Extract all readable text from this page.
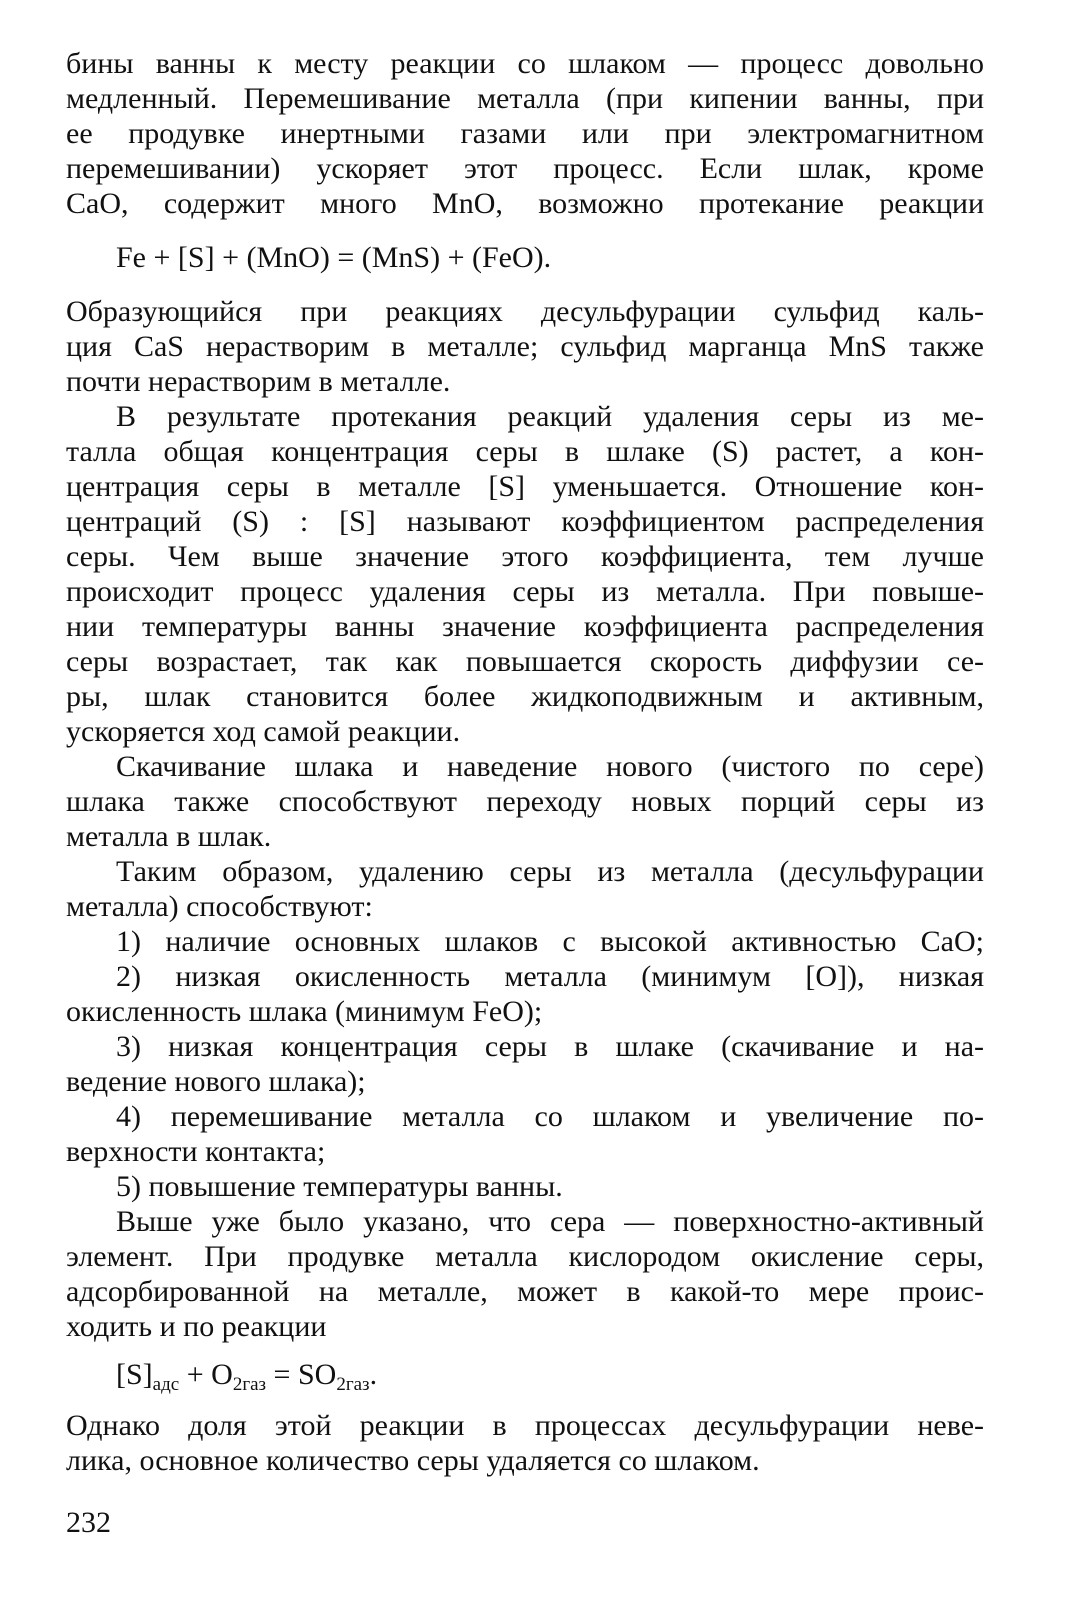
бины ванны к месту реакции со шлаком — процесс довольно
медленный. Перемешивание металла (при кипении ванны, при
ее продувке инертными газами или при электромагнитном
перемешивании) ускоряет этот процесс. Если шлак, кроме
CaO, содержит много MnO, возможно протекание реакции
Fe + [S] + (MnO) = (MnS) + (FeO).
Образующийся при реакциях десульфурации сульфид каль-
ция CaS нерастворим в металле; сульфид марганца MnS также
почти нерастворим в металле.
В результате протекания реакций удаления серы из ме-
талла общая концентрация серы в шлаке (S) растет, а кон-
центрация серы в металле [S] уменьшается. Отношение кон-
центраций (S) : [S] называют коэффициентом распределения
серы. Чем выше значение этого коэффициента, тем лучше
происходит процесс удаления серы из металла. При повыше-
нии температуры ванны значение коэффициента распределения
серы возрастает, так как повышается скорость диффузии се-
ры, шлак становится более жидкоподвижным и активным,
ускоряется ход самой реакции.
Скачивание шлака и наведение нового (чистого по сере)
шлака также способствуют переходу новых порций серы из
металла в шлак.
Таким образом, удалению серы из металла (десульфурации
металла) способствуют:
1) наличие основных шлаков с высокой активностью CaO;
2) низкая окисленность металла (минимум [O]), низкая
окисленность шлака (минимум FeO);
3) низкая концентрация серы в шлаке (скачивание и на-
ведение нового шлака);
4) перемешивание металла со шлаком и увеличение по-
верхности контакта;
5) повышение температуры ванны.
Выше уже было указано, что сера — поверхностно-активный
элемент. При продувке металла кислородом окисление серы,
адсорбированной на металле, может в какой-то мере проис-
ходить и по реакции
$[S]_{адс} + O_{2газ} = SO_{2газ}$.
Однако доля этой реакции в процессах десульфурации неве-
лика, основное количество серы удаляется со шлаком.
232
